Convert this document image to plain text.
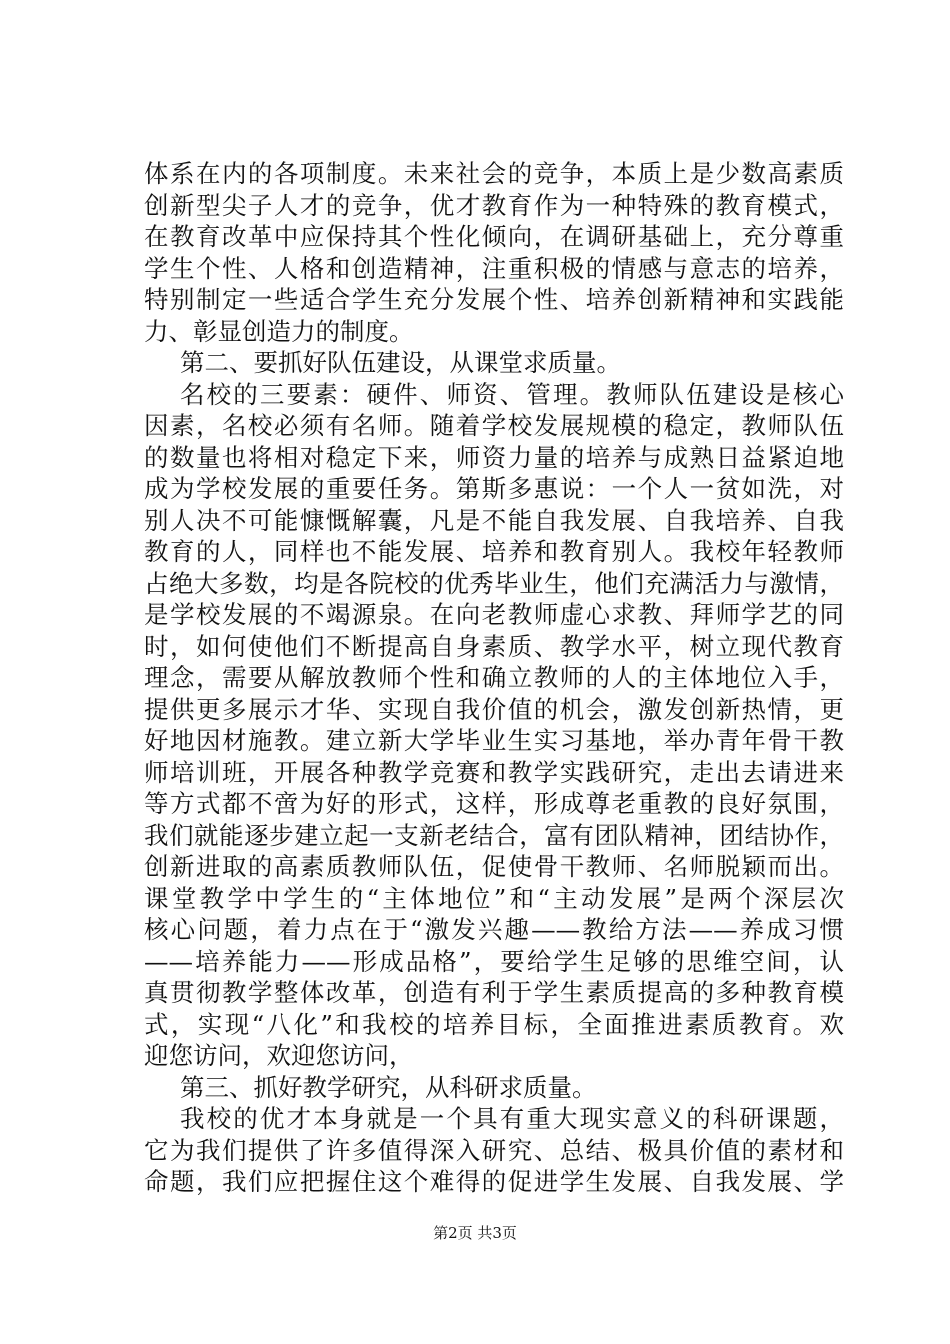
体系在内的各项制度。未来社会的竞争，本质上是少数高素质
创新型尖子人才的竞争，优才教育作为一种特殊的教育模式，
在教育改革中应保持其个性化倾向，在调研基础上，充分尊重
学生个性、人格和创造精神，注重积极的情感与意志的培养，
特别制定一些适合学生充分发展个性、培养创新精神和实践能
力、彰显创造力的制度。
第二、要抓好队伍建设，从课堂求质量。
名校的三要素：硬件、师资、管理。教师队伍建设是核心
因素，名校必须有名师。随着学校发展规模的稳定，教师队伍
的数量也将相对稳定下来，师资力量的培养与成熟日益紧迫地
成为学校发展的重要任务。第斯多惠说：一个人一贫如洗，对
别人决不可能慷慨解囊，凡是不能自我发展、自我培养、自我
教育的人，同样也不能发展、培养和教育别人。我校年轻教师
占绝大多数，均是各院校的优秀毕业生，他们充满活力与激情，
是学校发展的不竭源泉。在向老教师虚心求教、拜师学艺的同
时，如何使他们不断提高自身素质、教学水平，树立现代教育
理念，需要从解放教师个性和确立教师的人的主体地位入手，
提供更多展示才华、实现自我价值的机会，激发创新热情，更
好地因材施教。建立新大学毕业生实习基地，举办青年骨干教
师培训班，开展各种教学竞赛和教学实践研究，走出去请进来
等方式都不啻为好的形式，这样，形成尊老重教的良好氛围，
我们就能逐步建立起一支新老结合，富有团队精神，团结协作，
创新进取的高素质教师队伍，促使骨干教师、名师脱颖而出。
课堂教学中学生的“主体地位”和“主动发展”是两个深层次
核心问题，着力点在于“激发兴趣——教给方法——养成习惯
——培养能力——形成品格”，要给学生足够的思维空间，认
真贯彻教学整体改革，创造有利于学生素质提高的多种教育模
式，实现“八化”和我校的培养目标，全面推进素质教育。欢
迎您访问，欢迎您访问，
第三、抓好教学研究，从科研求质量。
我校的优才本身就是一个具有重大现实意义的科研课题，
它为我们提供了许多值得深入研究、总结、极具价值的素材和
命题，我们应把握住这个难得的促进学生发展、自我发展、学
第2页 共3页
